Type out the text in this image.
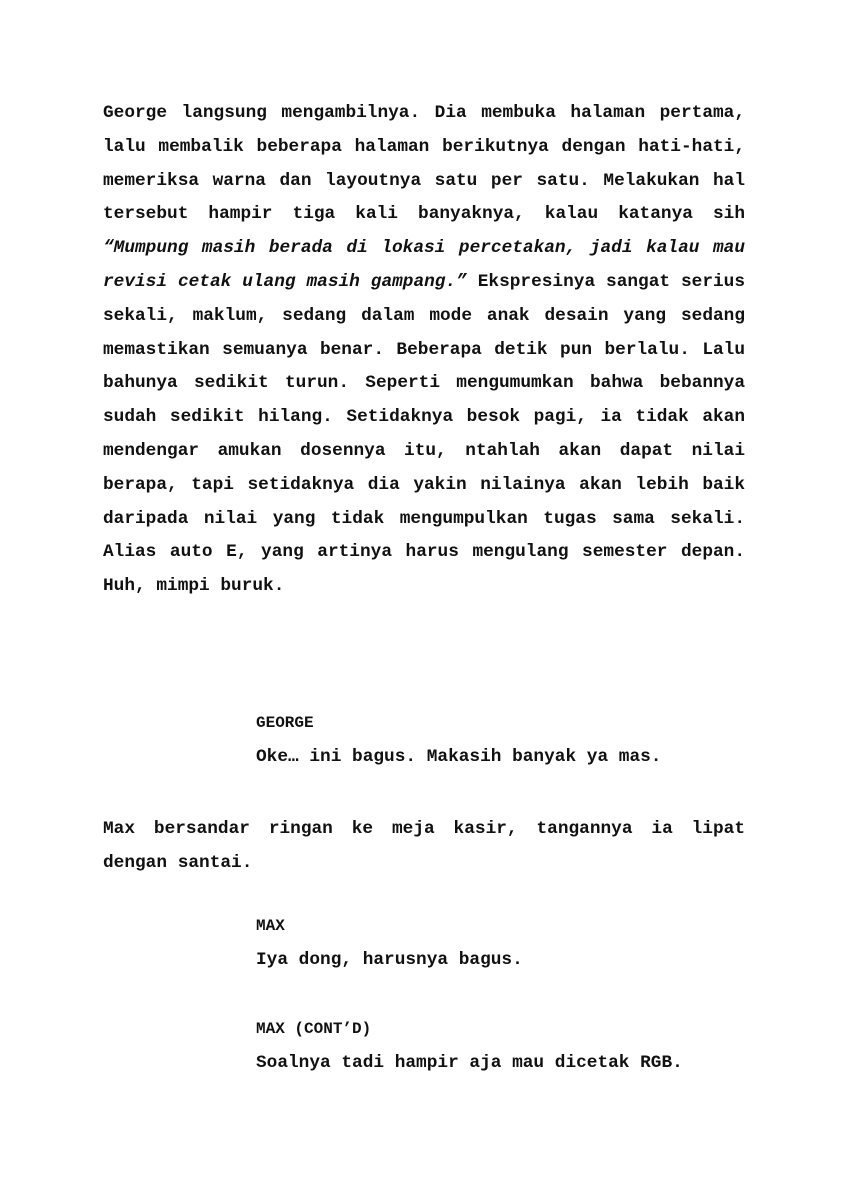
George langsung mengambilnya. Dia membuka halaman pertama, lalu membalik beberapa halaman berikutnya dengan hati-hati, memeriksa warna dan layoutnya satu per satu. Melakukan hal tersebut hampir tiga kali banyaknya, kalau katanya sih “Mumpung masih berada di lokasi percetakan, jadi kalau mau revisi cetak ulang masih gampang.” Ekspresinya sangat serius sekali, maklum, sedang dalam mode anak desain yang sedang memastikan semuanya benar. Beberapa detik pun berlalu. Lalu bahunya sedikit turun. Seperti mengumumkan bahwa bebannya sudah sedikit hilang. Setidaknya besok pagi, ia tidak akan mendengar amukan dosennya itu, ntahlah akan dapat nilai berapa, tapi setidaknya dia yakin nilainya akan lebih baik daripada nilai yang tidak mengumpulkan tugas sama sekali. Alias auto E, yang artinya harus mengulang semester depan. Huh, mimpi buruk.

GEORGE
Oke… ini bagus. Makasih banyak ya mas.

Max bersandar ringan ke meja kasir, tangannya ia lipat dengan santai.

MAX
Iya dong, harusnya bagus.
MAX (CONT’D)
Soalnya tadi hampir aja mau dicetak RGB.
